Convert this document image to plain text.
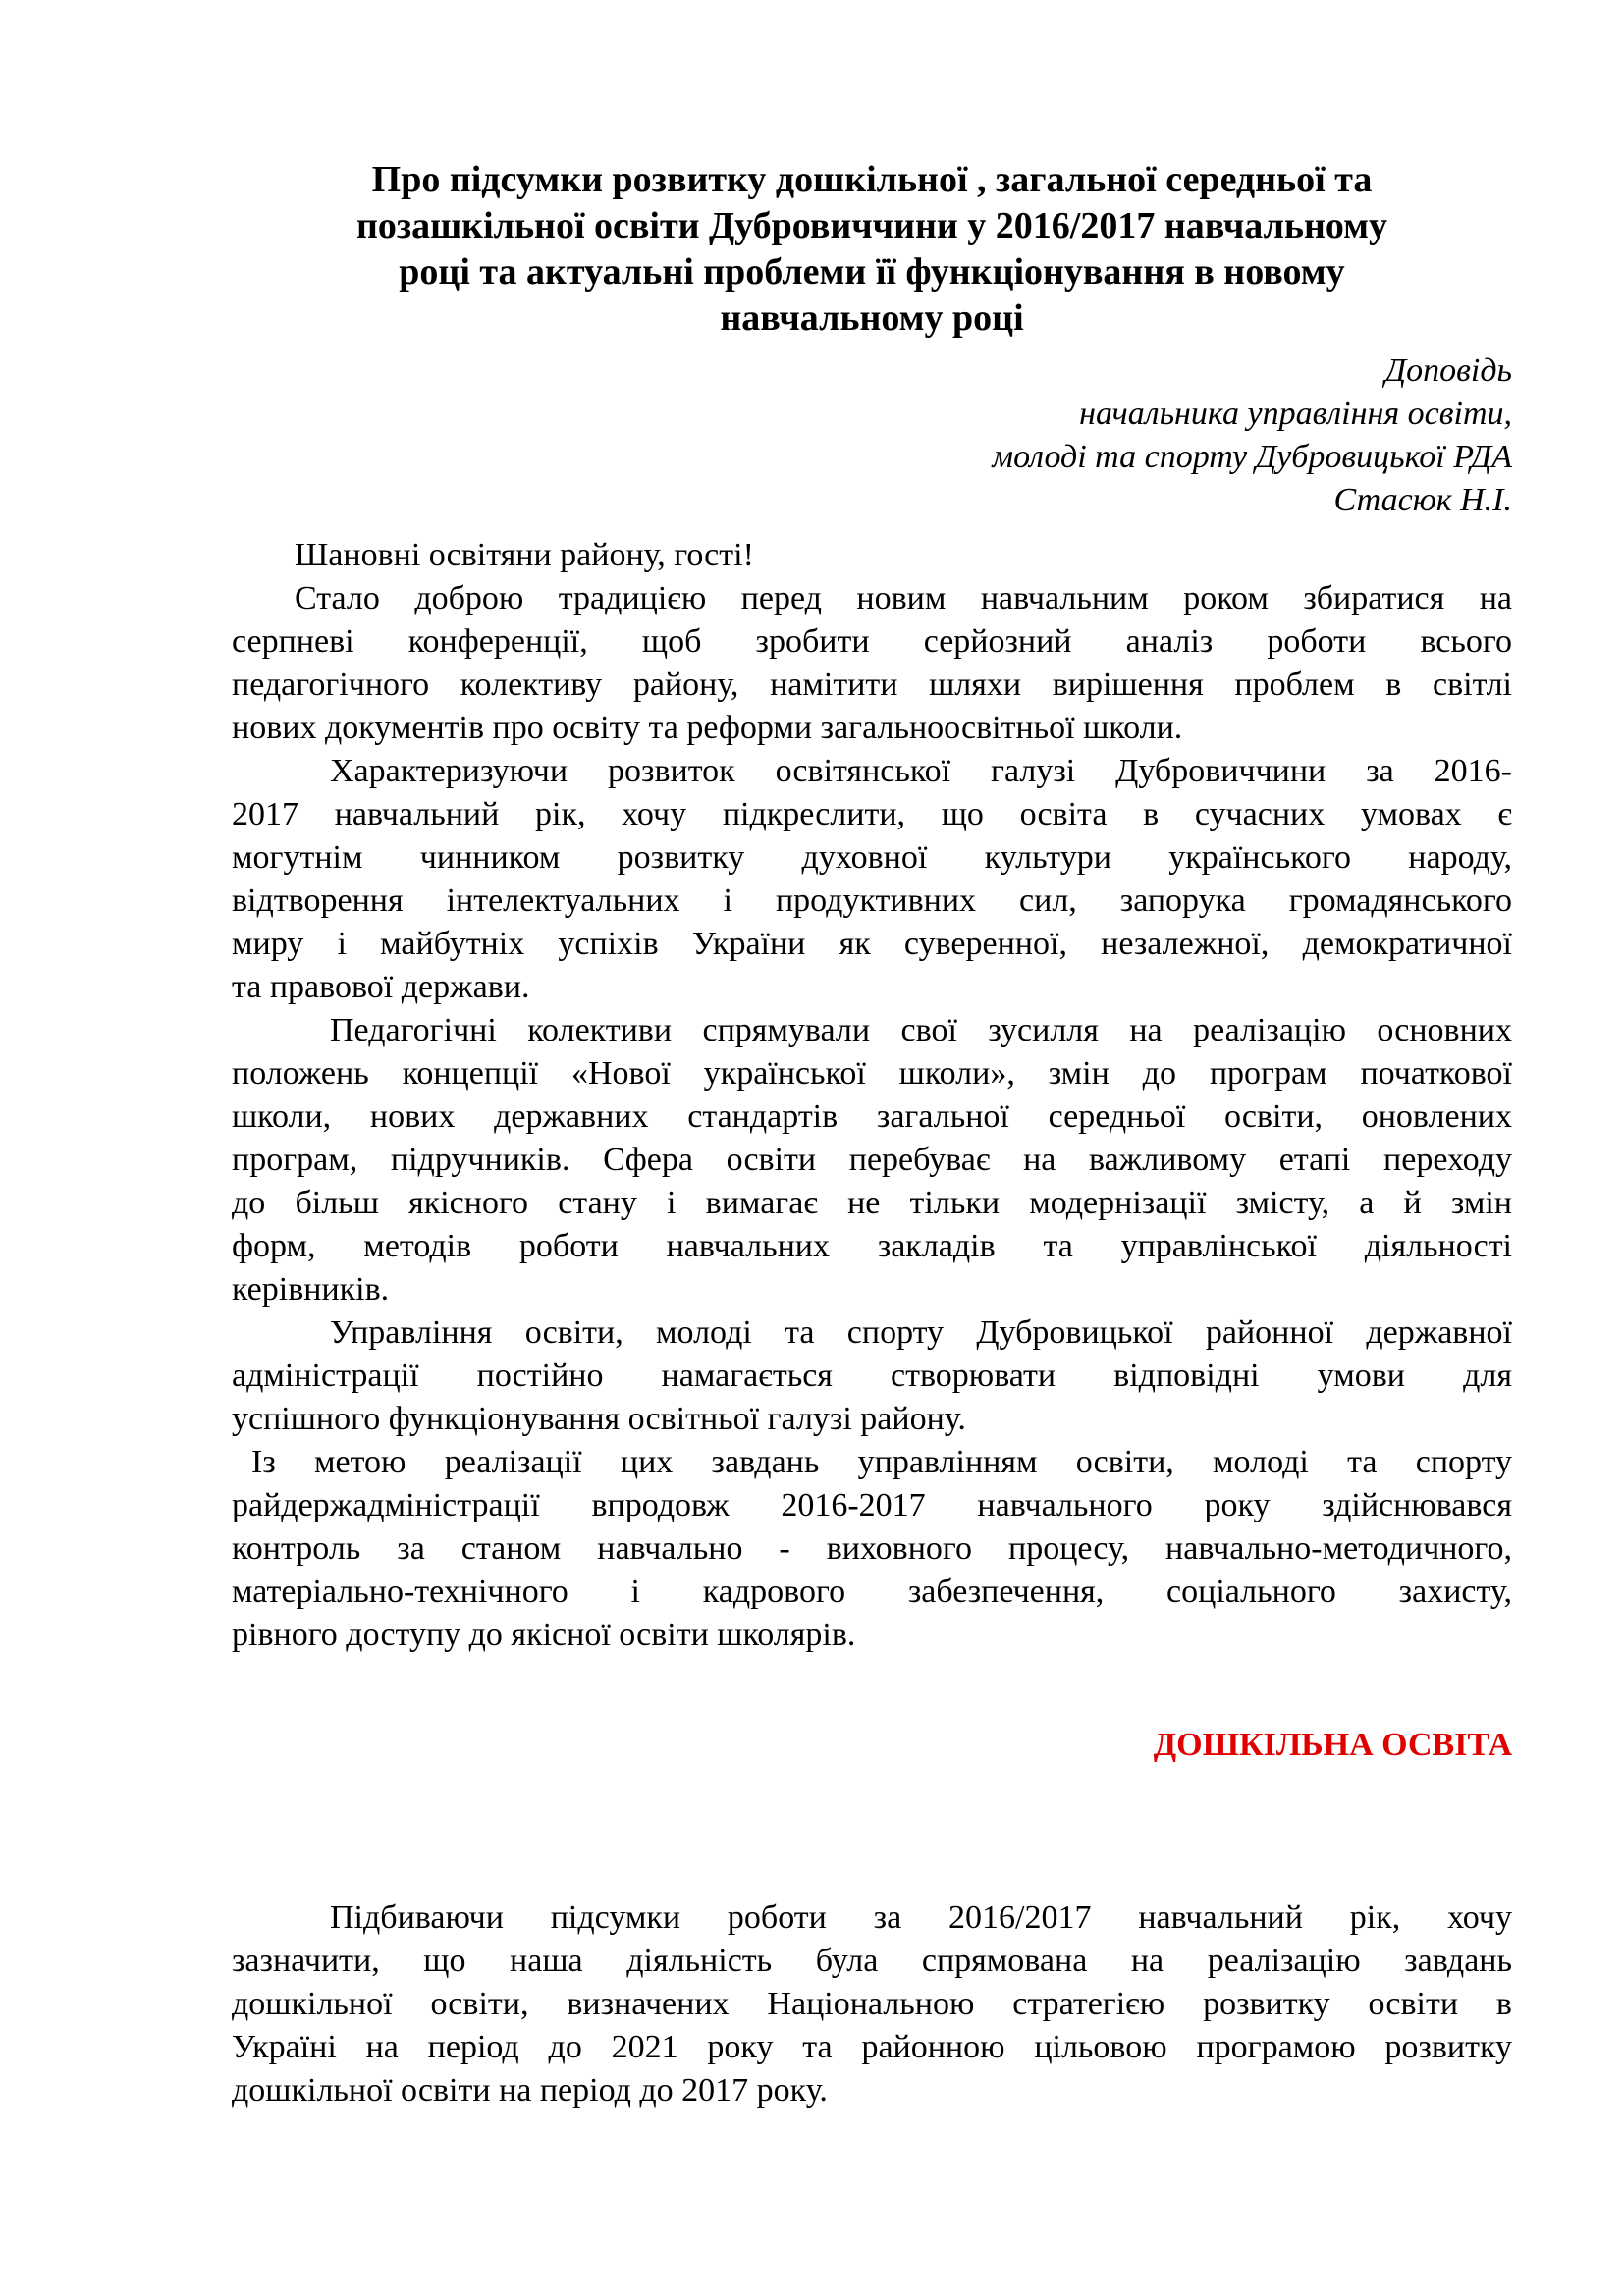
Про підсумки розвитку дошкільної , загальної середньої та
позашкільної освіти Дубровиччини у 2016/2017 навчальному
році та актуальні проблеми її функціонування в новому
навчальному році
Доповідь
начальника управління освіти,
молоді та спорту Дубровицької РДА
Стасюк Н.І.
Шановні освітяни району, гості!
Стало доброю традицією перед новим навчальним роком збиратися на
серпневі конференції, щоб зробити серйозний аналіз роботи всього
педагогічного колективу району, намітити шляхи вирішення проблем в світлі
нових документів про освіту та реформи загальноосвітньої школи.
Характеризуючи розвиток освітянської галузі Дубровиччини за 2016-
2017 навчальний рік, хочу підкреслити, що освіта в сучасних умовах є
могутнім чинником розвитку духовної культури українського народу,
відтворення інтелектуальних і продуктивних сил, запорука громадянського
миру і майбутніх успіхів України як суверенної, незалежної, демократичної
та правової держави.
Педагогічні колективи спрямували свої зусилля на реалізацію основних
положень концепції «Нової української школи», змін до програм початкової
школи, нових державних стандартів загальної середньої освіти, оновлених
програм, підручників. Сфера освіти перебуває на важливому етапі переходу
до більш якісного стану і вимагає не тільки модернізації змісту, а й змін
форм, методів роботи навчальних закладів та управлінської діяльності
керівників.
Управління освіти, молоді та спорту Дубровицької районної державної
адміністрації постійно намагається створювати відповідні умови для
успішного функціонування освітньої галузі району.
Із метою реалізації цих завдань управлінням освіти, молоді та спорту
райдержадміністрації впродовж 2016-2017 навчального року здійснювався
контроль за станом навчально - виховного процесу, навчально-методичного,
матеріально-технічного і кадрового забезпечення, соціального захисту,
рівного доступу до якісної освіти школярів.
ДОШКІЛЬНА ОСВІТА
Підбиваючи підсумки роботи за 2016/2017 навчальний рік, хочу
зазначити, що наша діяльність була спрямована на реалізацію завдань
дошкільної освіти, визначених Національною стратегією розвитку освіти в
Україні на період до 2021 року та районною цільовою програмою розвитку
дошкільної освіти на період до 2017 року.
